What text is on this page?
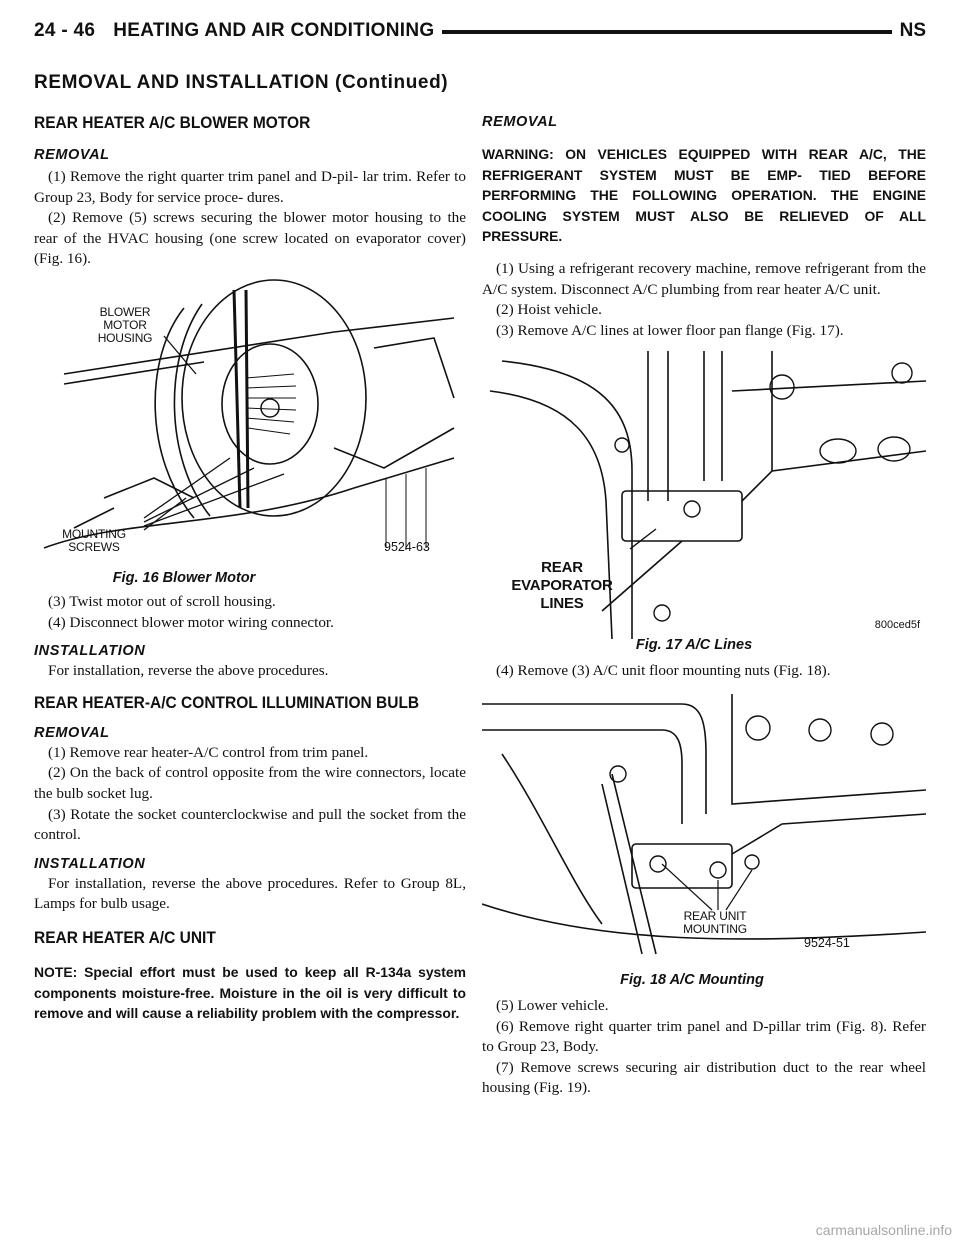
24 - 46 HEATING AND AIR CONDITIONING	NS
REMOVAL AND INSTALLATION (Continued)
REAR HEATER A/C BLOWER MOTOR
REMOVAL

(1) Remove the right quarter trim panel and D-pil- lar trim. Refer to Group 23, Body for service proce- dures.

(2) Remove (5) screws securing the blower motor housing to the rear of the HVAC housing (one screw located on evaporator cover) (Fig. 16).

BLOWER MOTOR HOUSING
MOUNTING SCREWS	9524-63
Fig. 16 Blower Motor

(3) Twist motor out of scroll housing.

(4) Disconnect blower motor wiring connector.

INSTALLATION

For installation, reverse the above procedures.

REAR HEATER-A/C CONTROL ILLUMINATION BULB
REMOVAL

(1) Remove rear heater-A/C control from trim panel.

(2) On the back of control opposite from the wire connectors, locate the bulb socket lug.

(3) Rotate the socket counterclockwise and pull the socket from the control.

INSTALLATION

For installation, reverse the above procedures. Refer to Group 8L, Lamps for bulb usage.

REAR HEATER A/C UNIT
NOTE: Special effort must be used to keep all R-134a system components moisture-free. Moisture in the oil is very difficult to remove and will cause a reliability problem with the compressor.
REMOVAL
WARNING: ON VEHICLES EQUIPPED WITH REAR A/C, THE REFRIGERANT SYSTEM MUST BE EMP- TIED BEFORE PERFORMING THE FOLLOWING OPERATION. THE ENGINE COOLING SYSTEM MUST ALSO BE RELIEVED OF ALL PRESSURE.

(1) Using a refrigerant recovery machine, remove refrigerant from the A/C system. Disconnect A/C plumbing from rear heater A/C unit.

(2) Hoist vehicle.

(3) Remove A/C lines at lower floor pan flange (Fig. 17).

REAR EVAPORATOR LINES
800ced5f
Fig. 17 A/C Lines

(4) Remove (3) A/C unit floor mounting nuts (Fig. 18).

REAR UNIT MOUNTING
9524-51
Fig. 18 A/C Mounting

(5) Lower vehicle.

(6) Remove right quarter trim panel and D-pillar trim (Fig. 8). Refer to Group 23, Body.

(7) Remove screws securing air distribution duct to the rear wheel housing (Fig. 19).

carmanualsonline.info
